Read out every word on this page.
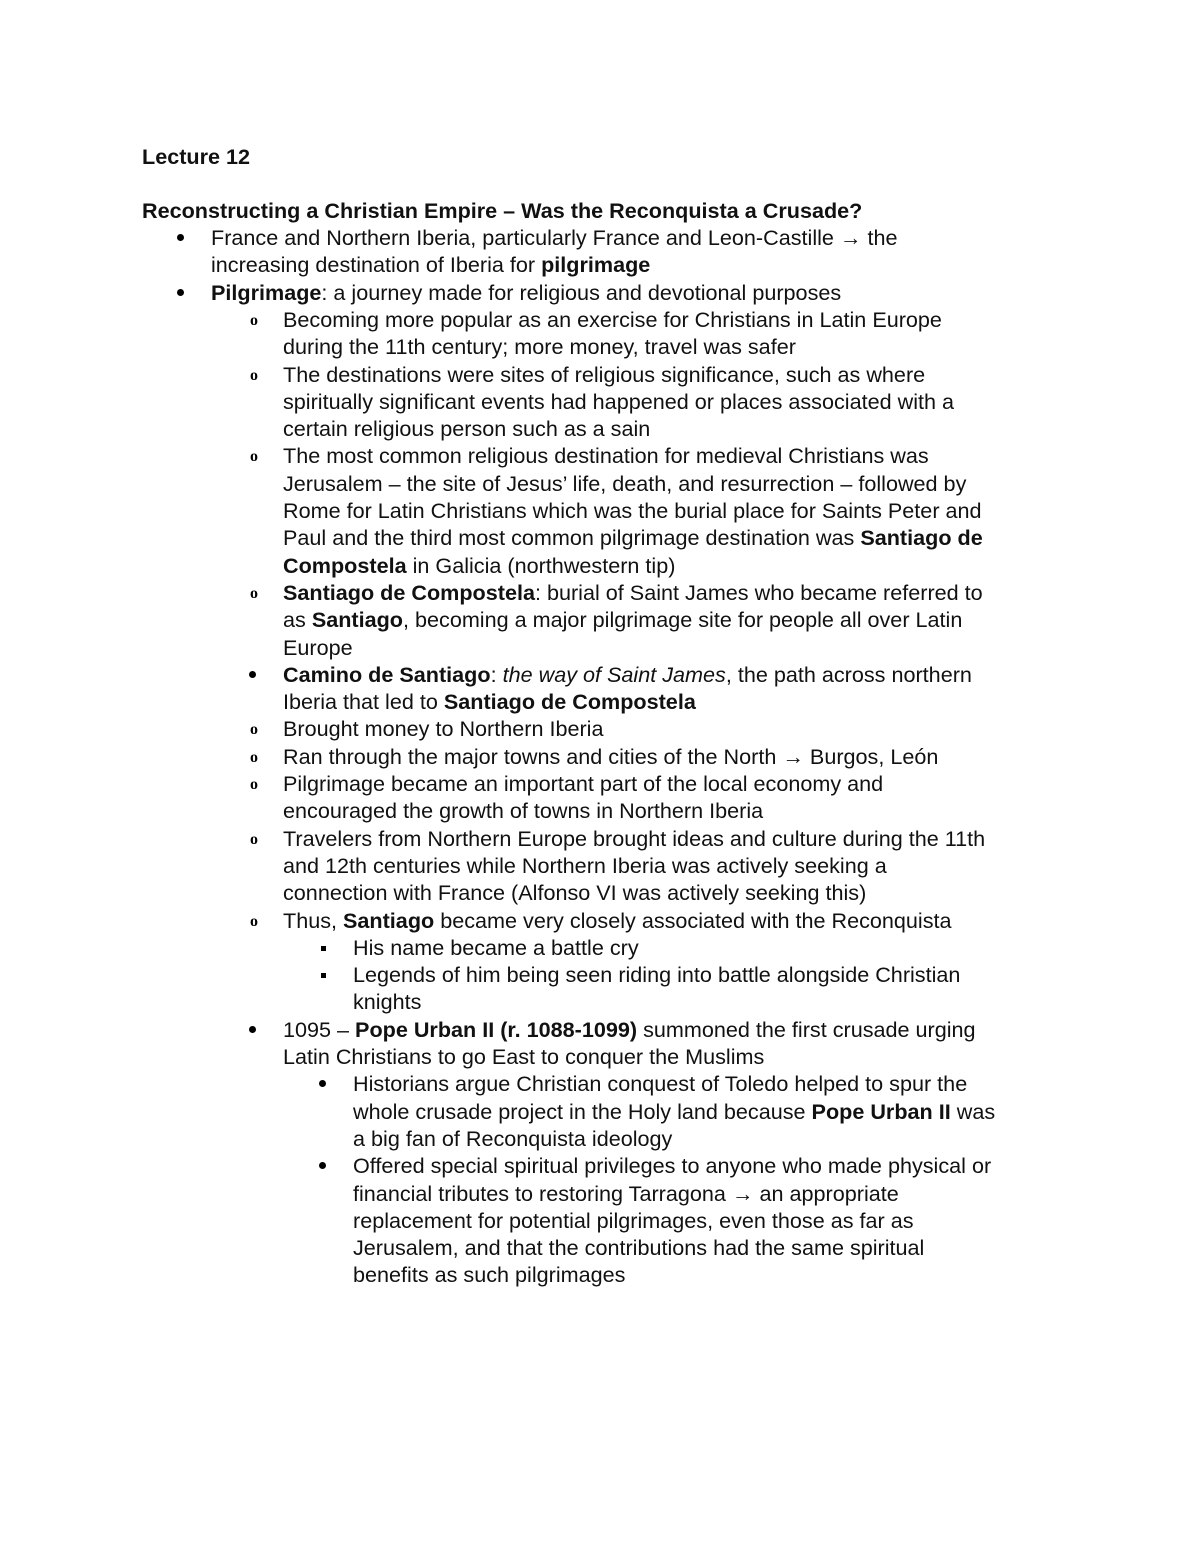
Lecture 12
Reconstructing a Christian Empire – Was the Reconquista a Crusade?
France and Northern Iberia, particularly France and Leon-Castille → the
increasing destination of Iberia for pilgrimage
Pilgrimage: a journey made for religious and devotional purposes
Becoming more popular as an exercise for Christians in Latin Europe
o
during the 11th century; more money, travel was safer
The destinations were sites of religious significance, such as where
o
spiritually significant events had happened or places associated with a
certain religious person such as a sain
The most common religious destination for medieval Christians was
o
Jerusalem – the site of Jesus’ life, death, and resurrection – followed by
Rome for Latin Christians which was the burial place for Saints Peter and
Paul and the third most common pilgrimage destination was Santiago de
Compostela in Galicia (northwestern tip)
Santiago de Compostela: burial of Saint James who became referred to
o
as Santiago, becoming a major pilgrimage site for people all over Latin
Europe
Camino de Santiago: the way of Saint James, the path across northern
Iberia that led to Santiago de Compostela
Brought money to Northern Iberia
o
Ran through the major towns and cities of the North → Burgos, León
o
Pilgrimage became an important part of the local economy and
o
encouraged the growth of towns in Northern Iberia
Travelers from Northern Europe brought ideas and culture during the 11th
o
and 12th centuries while Northern Iberia was actively seeking a
connection with France (Alfonso VI was actively seeking this)
Thus, Santiago became very closely associated with the Reconquista
o
His name became a battle cry
Legends of him being seen riding into battle alongside Christian
knights
1095 – Pope Urban II (r. 1088-1099) summoned the first crusade urging
Latin Christians to go East to conquer the Muslims
Historians argue Christian conquest of Toledo helped to spur the
whole crusade project in the Holy land because Pope Urban II was
a big fan of Reconquista ideology
Offered special spiritual privileges to anyone who made physical or
financial tributes to restoring Tarragona → an appropriate
replacement for potential pilgrimages, even those as far as
Jerusalem, and that the contributions had the same spiritual
benefits as such pilgrimages
